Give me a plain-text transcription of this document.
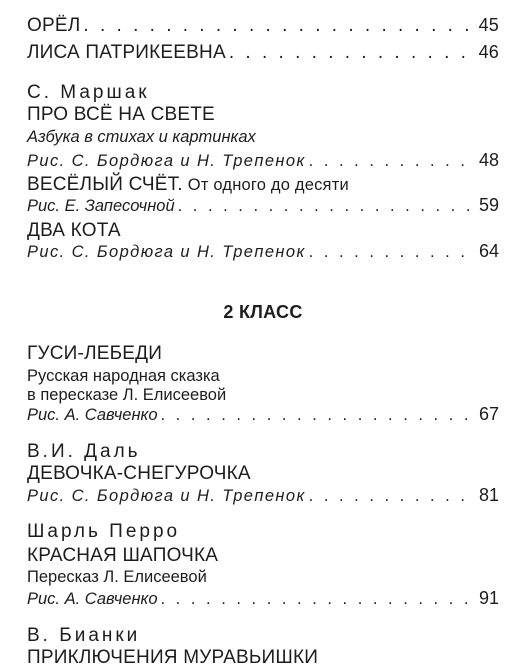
ОРЁЛ . . .	45
ЛИСА ПАТРИКЕЕВНА . . .	46
С. Маршак
ПРО ВСЁ НА СВЕТЕ
Азбука в стихах и картинках
Рис. С. Бордюга и Н. Трепенок . . .	48
ВЕСЁЛЫЙ СЧЁТ. От одного до десяти
Рис. Е. Запесочной . . .	59
ДВА КОТА
Рис. С. Бордюга и Н. Трепенок . . .	64
2 КЛАСС
ГУСИ-ЛЕБЕДИ
Русская народная сказка
в пересказе Л. Елисеевой
Рис. А. Савченко . . .	67
В.И. Даль
ДЕВОЧКА-СНЕГУРОЧКА
Рис. С. Бордюга и Н. Трепенок . . .	81
Шарль Перро
КРАСНАЯ ШАПОЧКА
Пересказ Л. Елисеевой
Рис. А. Савченко . . .	91
В. Бианки
ПРИКЛЮЧЕНИЯ МУРАВЬИШКИ
